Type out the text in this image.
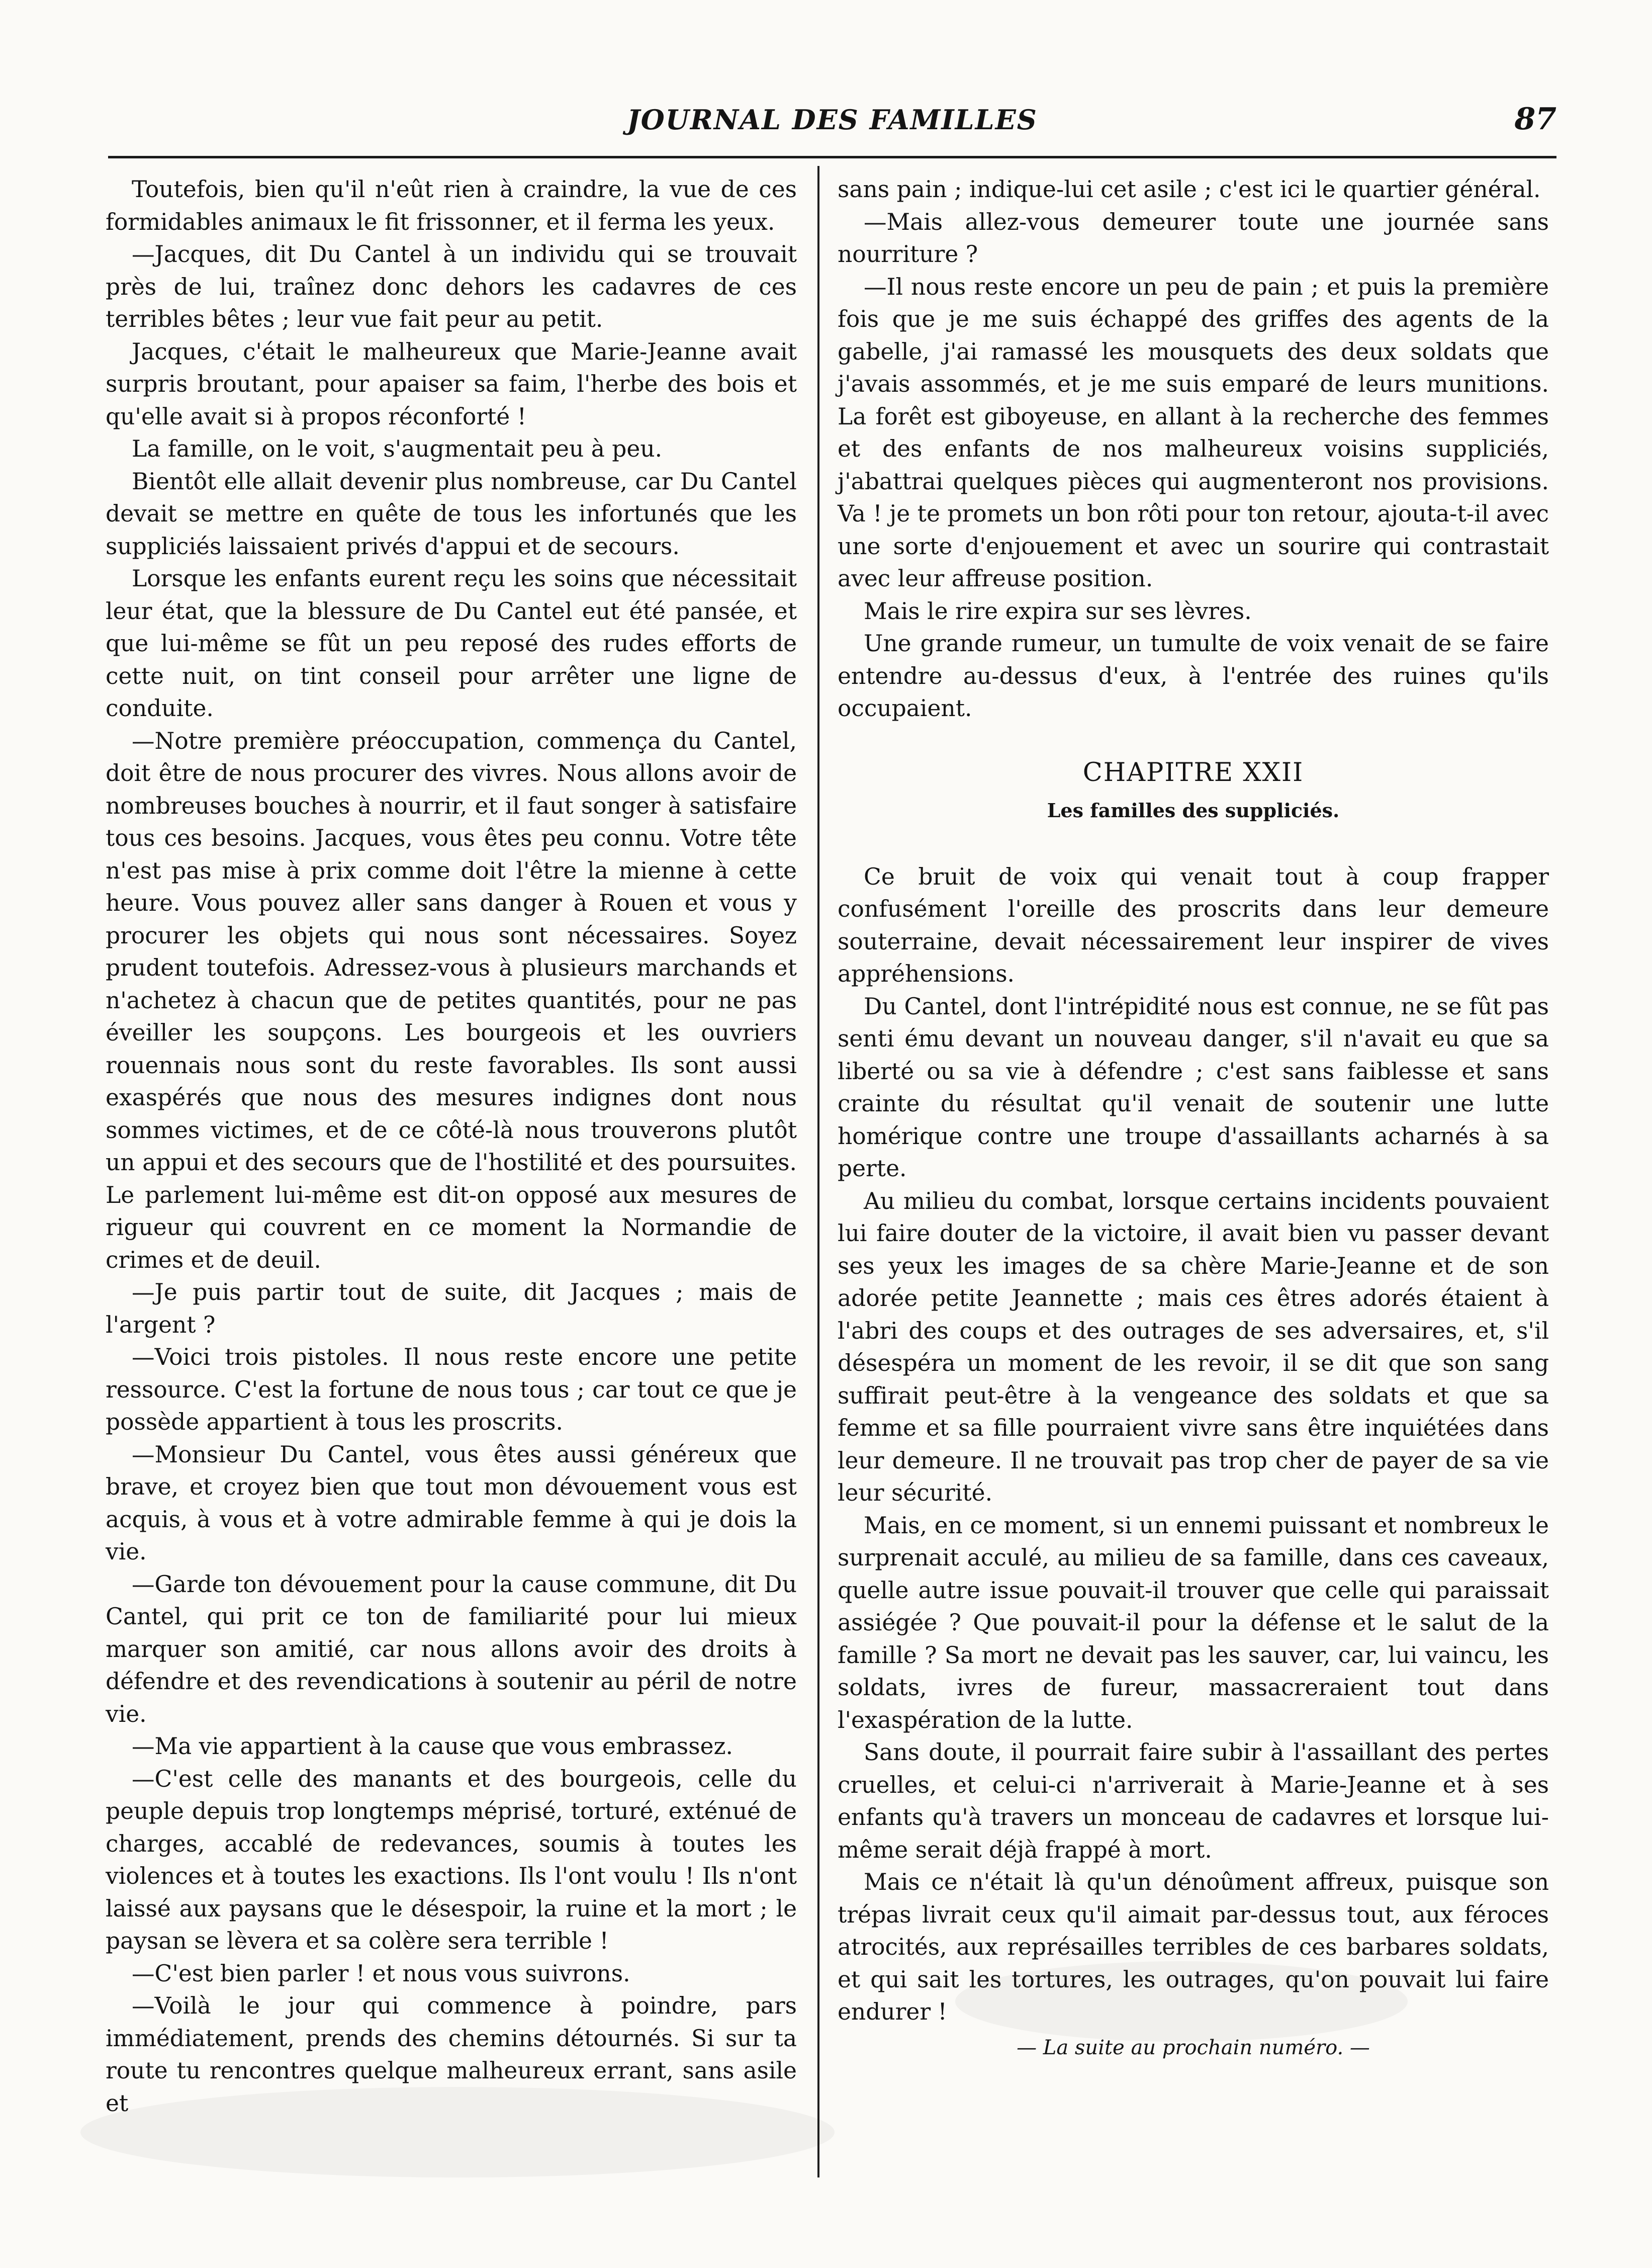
JOURNAL DES FAMILLES	87

Toutefois, bien qu'il n'eût rien à craindre, la vue de ces formidables animaux le fit frissonner, et il ferma les yeux.

—Jacques, dit Du Cantel à un individu qui se trouvait près de lui, traînez donc dehors les cadavres de ces terribles bêtes ; leur vue fait peur au petit.

Jacques, c'était le malheureux que Marie-Jeanne avait surpris broutant, pour apaiser sa faim, l'herbe des bois et qu'elle avait si à propos réconforté !

La famille, on le voit, s'augmentait peu à peu.

Bientôt elle allait devenir plus nombreuse, car Du Cantel devait se mettre en quête de tous les infortunés que les suppliciés laissaient privés d'appui et de secours.

Lorsque les enfants eurent reçu les soins que nécessitait leur état, que la blessure de Du Cantel eut été pansée, et que lui-même se fût un peu reposé des rudes efforts de cette nuit, on tint conseil pour arrêter une ligne de conduite.

—Notre première préoccupation, commença du Cantel, doit être de nous procurer des vivres. Nous allons avoir de nombreuses bouches à nourrir, et il faut songer à satisfaire tous ces besoins. Jacques, vous êtes peu connu. Votre tête n'est pas mise à prix comme doit l'être la mienne à cette heure. Vous pouvez aller sans danger à Rouen et vous y procurer les objets qui nous sont nécessaires. Soyez prudent toutefois. Adressez-vous à plusieurs marchands et n'achetez à chacun que de petites quantités, pour ne pas éveiller les soupçons. Les bourgeois et les ouvriers rouennais nous sont du reste favorables. Ils sont aussi exaspérés que nous des mesures indignes dont nous sommes victimes, et de ce côté-là nous trouverons plutôt un appui et des secours que de l'hostilité et des poursuites. Le parlement lui-même est dit-on opposé aux mesures de rigueur qui couvrent en ce moment la Normandie de crimes et de deuil.

—Je puis partir tout de suite, dit Jacques ; mais de l'argent ?

—Voici trois pistoles. Il nous reste encore une petite ressource. C'est la fortune de nous tous ; car tout ce que je possède appartient à tous les proscrits.

—Monsieur Du Cantel, vous êtes aussi généreux que brave, et croyez bien que tout mon dévouement vous est acquis, à vous et à votre admirable femme à qui je dois la vie.

—Garde ton dévouement pour la cause commune, dit Du Cantel, qui prit ce ton de familiarité pour lui mieux marquer son amitié, car nous allons avoir des droits à défendre et des revendications à soutenir au péril de notre vie.

—Ma vie appartient à la cause que vous embrassez.

—C'est celle des manants et des bourgeois, celle du peuple depuis trop longtemps méprisé, torturé, exténué de charges, accablé de redevances, soumis à toutes les violences et à toutes les exactions. Ils l'ont voulu ! Ils n'ont laissé aux paysans que le désespoir, la ruine et la mort ; le paysan se lèvera et sa colère sera terrible !

—C'est bien parler ! et nous vous suivrons.

—Voilà le jour qui commence à poindre, pars immédiatement, prends des chemins détournés. Si sur ta route tu rencontres quelque malheureux errant, sans asile et

sans pain ; indique-lui cet asile ; c'est ici le quartier général.

—Mais allez-vous demeurer toute une journée sans nourriture ?

—Il nous reste encore un peu de pain ; et puis la première fois que je me suis échappé des griffes des agents de la gabelle, j'ai ramassé les mousquets des deux soldats que j'avais assommés, et je me suis emparé de leurs munitions. La forêt est giboyeuse, en allant à la recherche des femmes et des enfants de nos malheureux voisins suppliciés, j'abattrai quelques pièces qui augmenteront nos provisions. Va ! je te promets un bon rôti pour ton retour, ajouta-t-il avec une sorte d'enjouement et avec un sourire qui contrastait avec leur affreuse position.

Mais le rire expira sur ses lèvres.

Une grande rumeur, un tumulte de voix venait de se faire entendre au-dessus d'eux, à l'entrée des ruines qu'ils occupaient.

CHAPITRE XXII
Les familles des suppliciés.

Ce bruit de voix qui venait tout à coup frapper confusément l'oreille des proscrits dans leur demeure souterraine, devait nécessairement leur inspirer de vives appréhensions.

Du Cantel, dont l'intrépidité nous est connue, ne se fût pas senti ému devant un nouveau danger, s'il n'avait eu que sa liberté ou sa vie à défendre ; c'est sans faiblesse et sans crainte du résultat qu'il venait de soutenir une lutte homérique contre une troupe d'assaillants acharnés à sa perte.

Au milieu du combat, lorsque certains incidents pouvaient lui faire douter de la victoire, il avait bien vu passer devant ses yeux les images de sa chère Marie-Jeanne et de son adorée petite Jeannette ; mais ces êtres adorés étaient à l'abri des coups et des outrages de ses adversaires, et, s'il désespéra un moment de les revoir, il se dit que son sang suffirait peut-être à la vengeance des soldats et que sa femme et sa fille pourraient vivre sans être inquiétées dans leur demeure. Il ne trouvait pas trop cher de payer de sa vie leur sécurité.

Mais, en ce moment, si un ennemi puissant et nombreux le surprenait acculé, au milieu de sa famille, dans ces caveaux, quelle autre issue pouvait-il trouver que celle qui paraissait assiégée ? Que pouvait-il pour la défense et le salut de la famille ? Sa mort ne devait pas les sauver, car, lui vaincu, les soldats, ivres de fureur, massacreraient tout dans l'exaspération de la lutte.

Sans doute, il pourrait faire subir à l'assaillant des pertes cruelles, et celui-ci n'arriverait à Marie-Jeanne et à ses enfants qu'à travers un monceau de cadavres et lorsque lui-même serait déjà frappé à mort.

Mais ce n'était là qu'un dénoûment affreux, puisque son trépas livrait ceux qu'il aimait par-dessus tout, aux féroces atrocités, aux représailles terribles de ces barbares soldats, et qui sait les tortures, les outrages, qu'on pouvait lui faire endurer !

— La suite au prochain numéro. —
